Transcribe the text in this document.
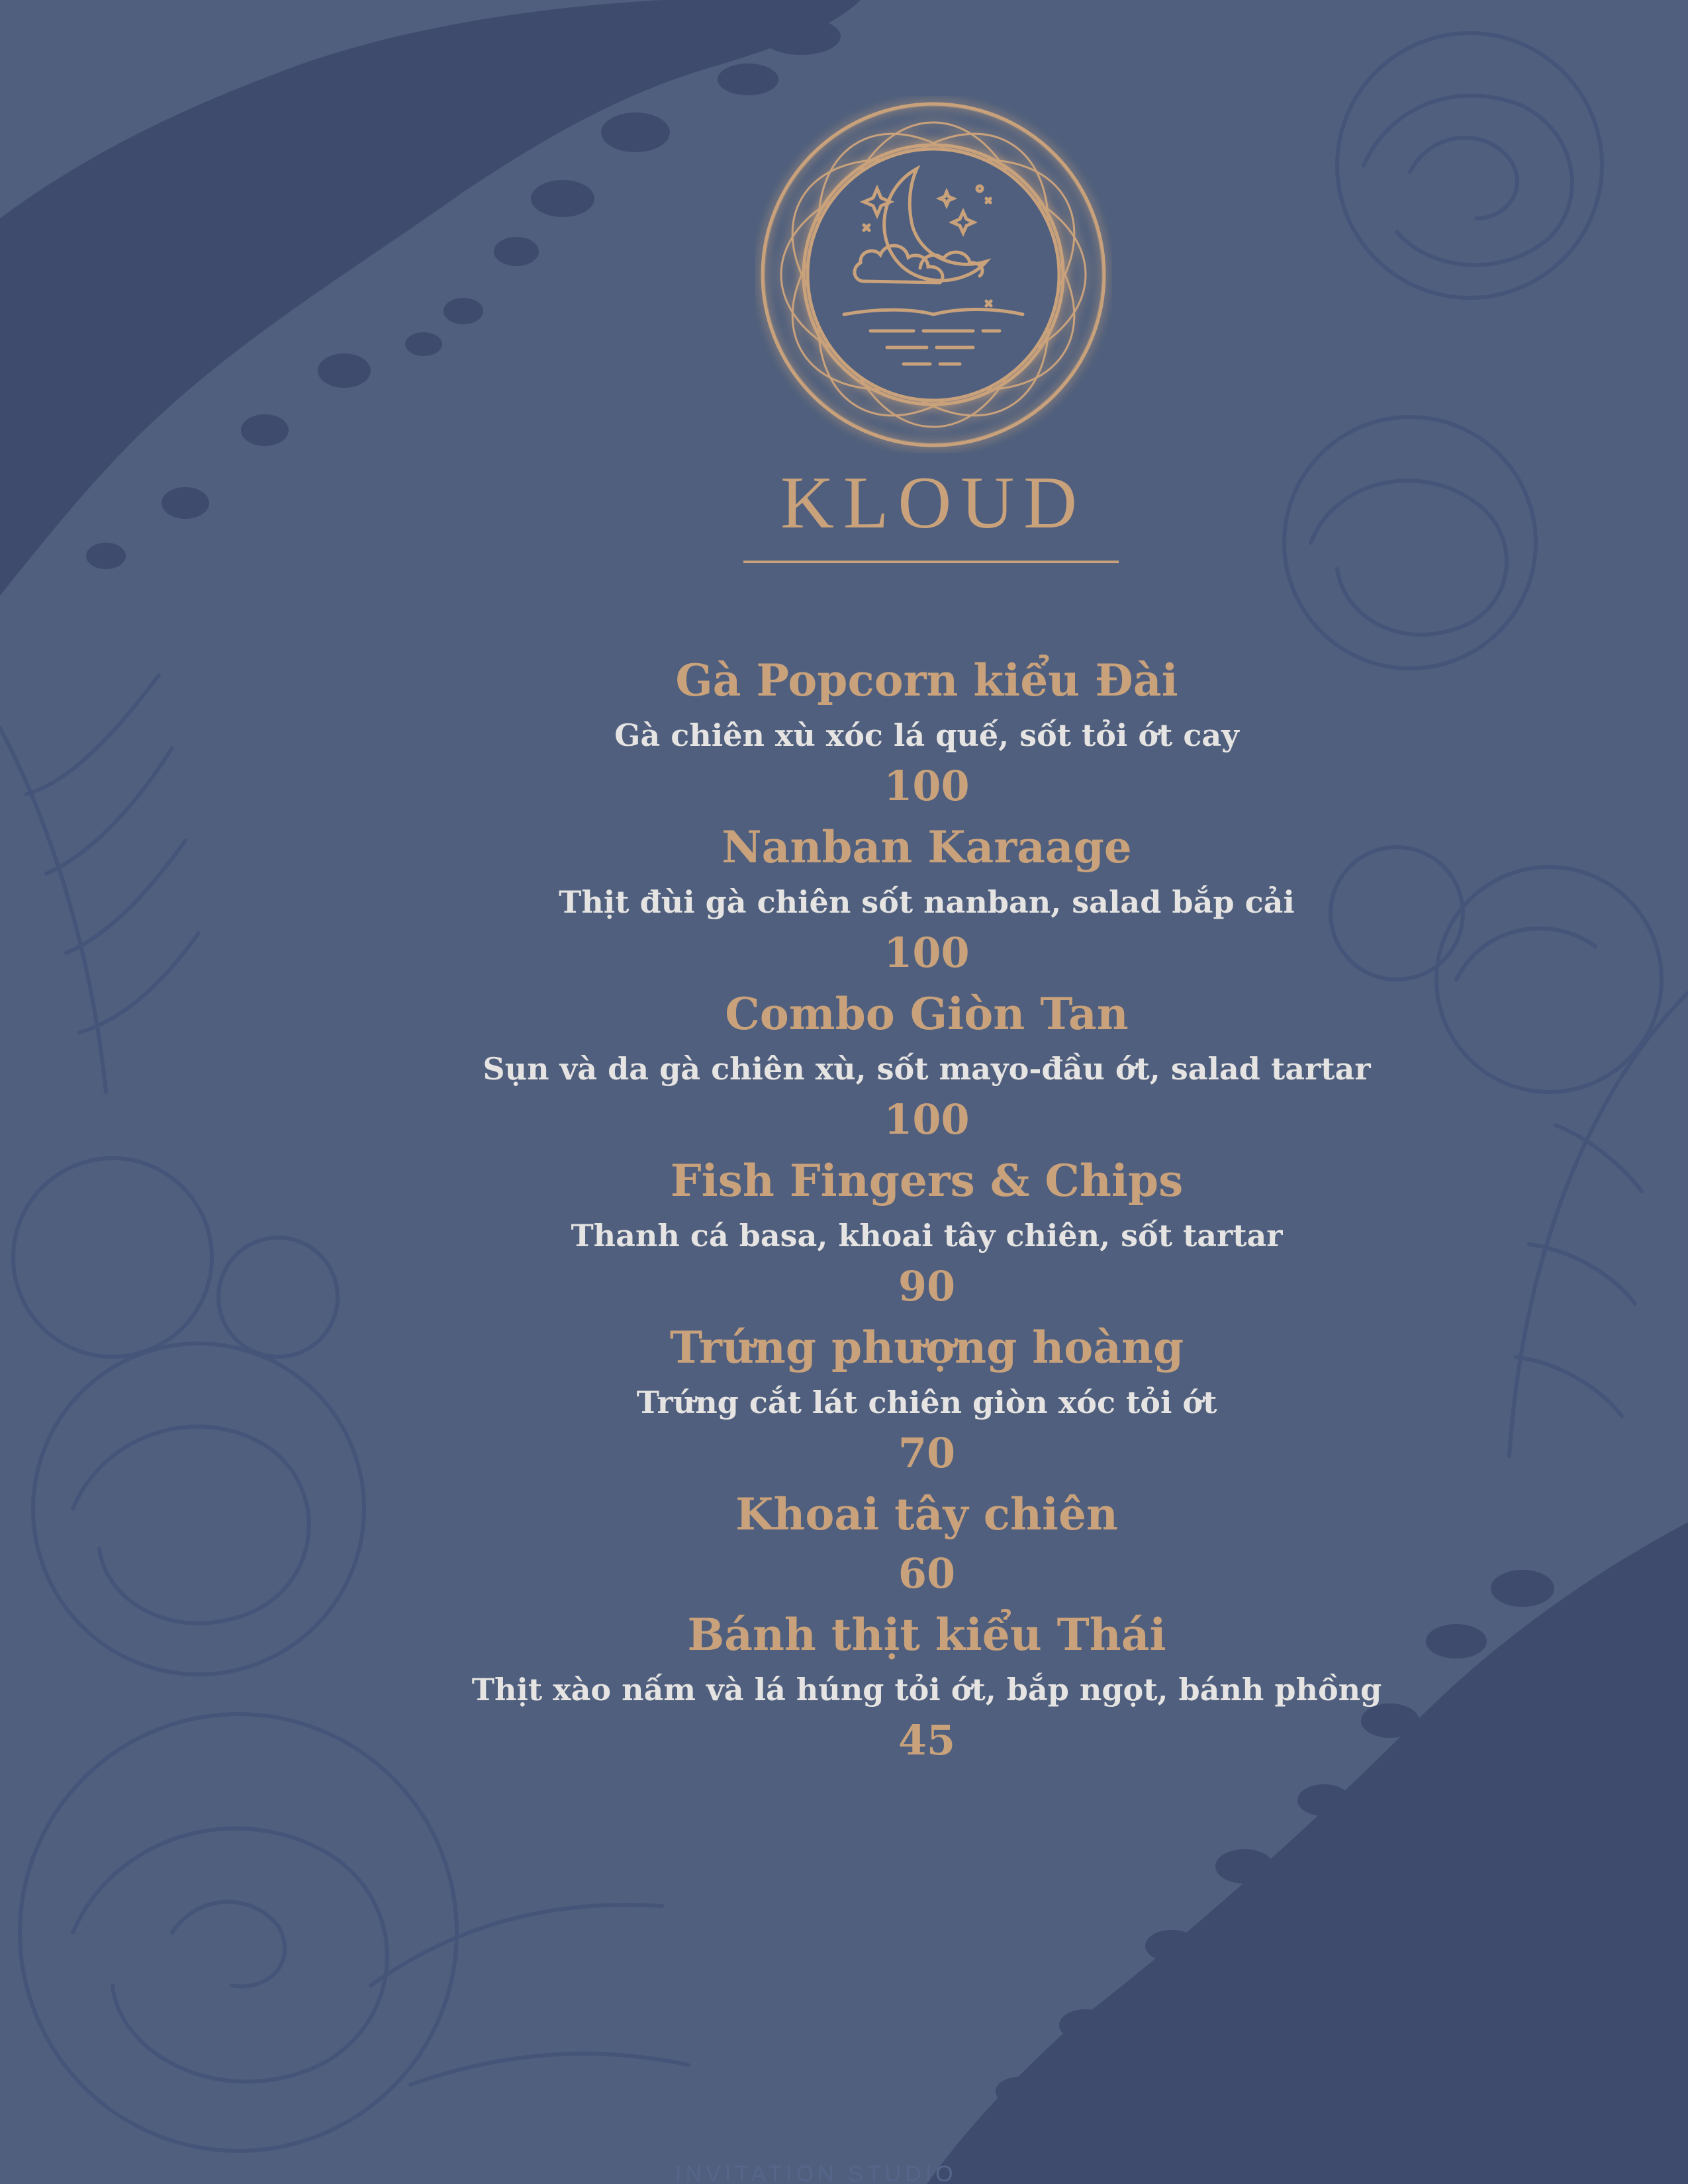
INVITATION STUDIO
KLOUD
Gà Popcorn kiểu Đài
Gà chiên xù xóc lá quế, sốt tỏi ớt cay
100
Nanban Karaage
Thịt đùi gà chiên sốt nanban, salad bắp cải
100
Combo Giòn Tan
Sụn và da gà chiên xù, sốt mayo-đầu ớt, salad tartar
100
Fish Fingers & Chips
Thanh cá basa, khoai tây chiên, sốt tartar
90
Trứng phượng hoàng
Trứng cắt lát chiên giòn xóc tỏi ớt
70
Khoai tây chiên
60
Bánh thịt kiểu Thái
Thịt xào nấm và lá húng tỏi ớt, bắp ngọt, bánh phồng
45
